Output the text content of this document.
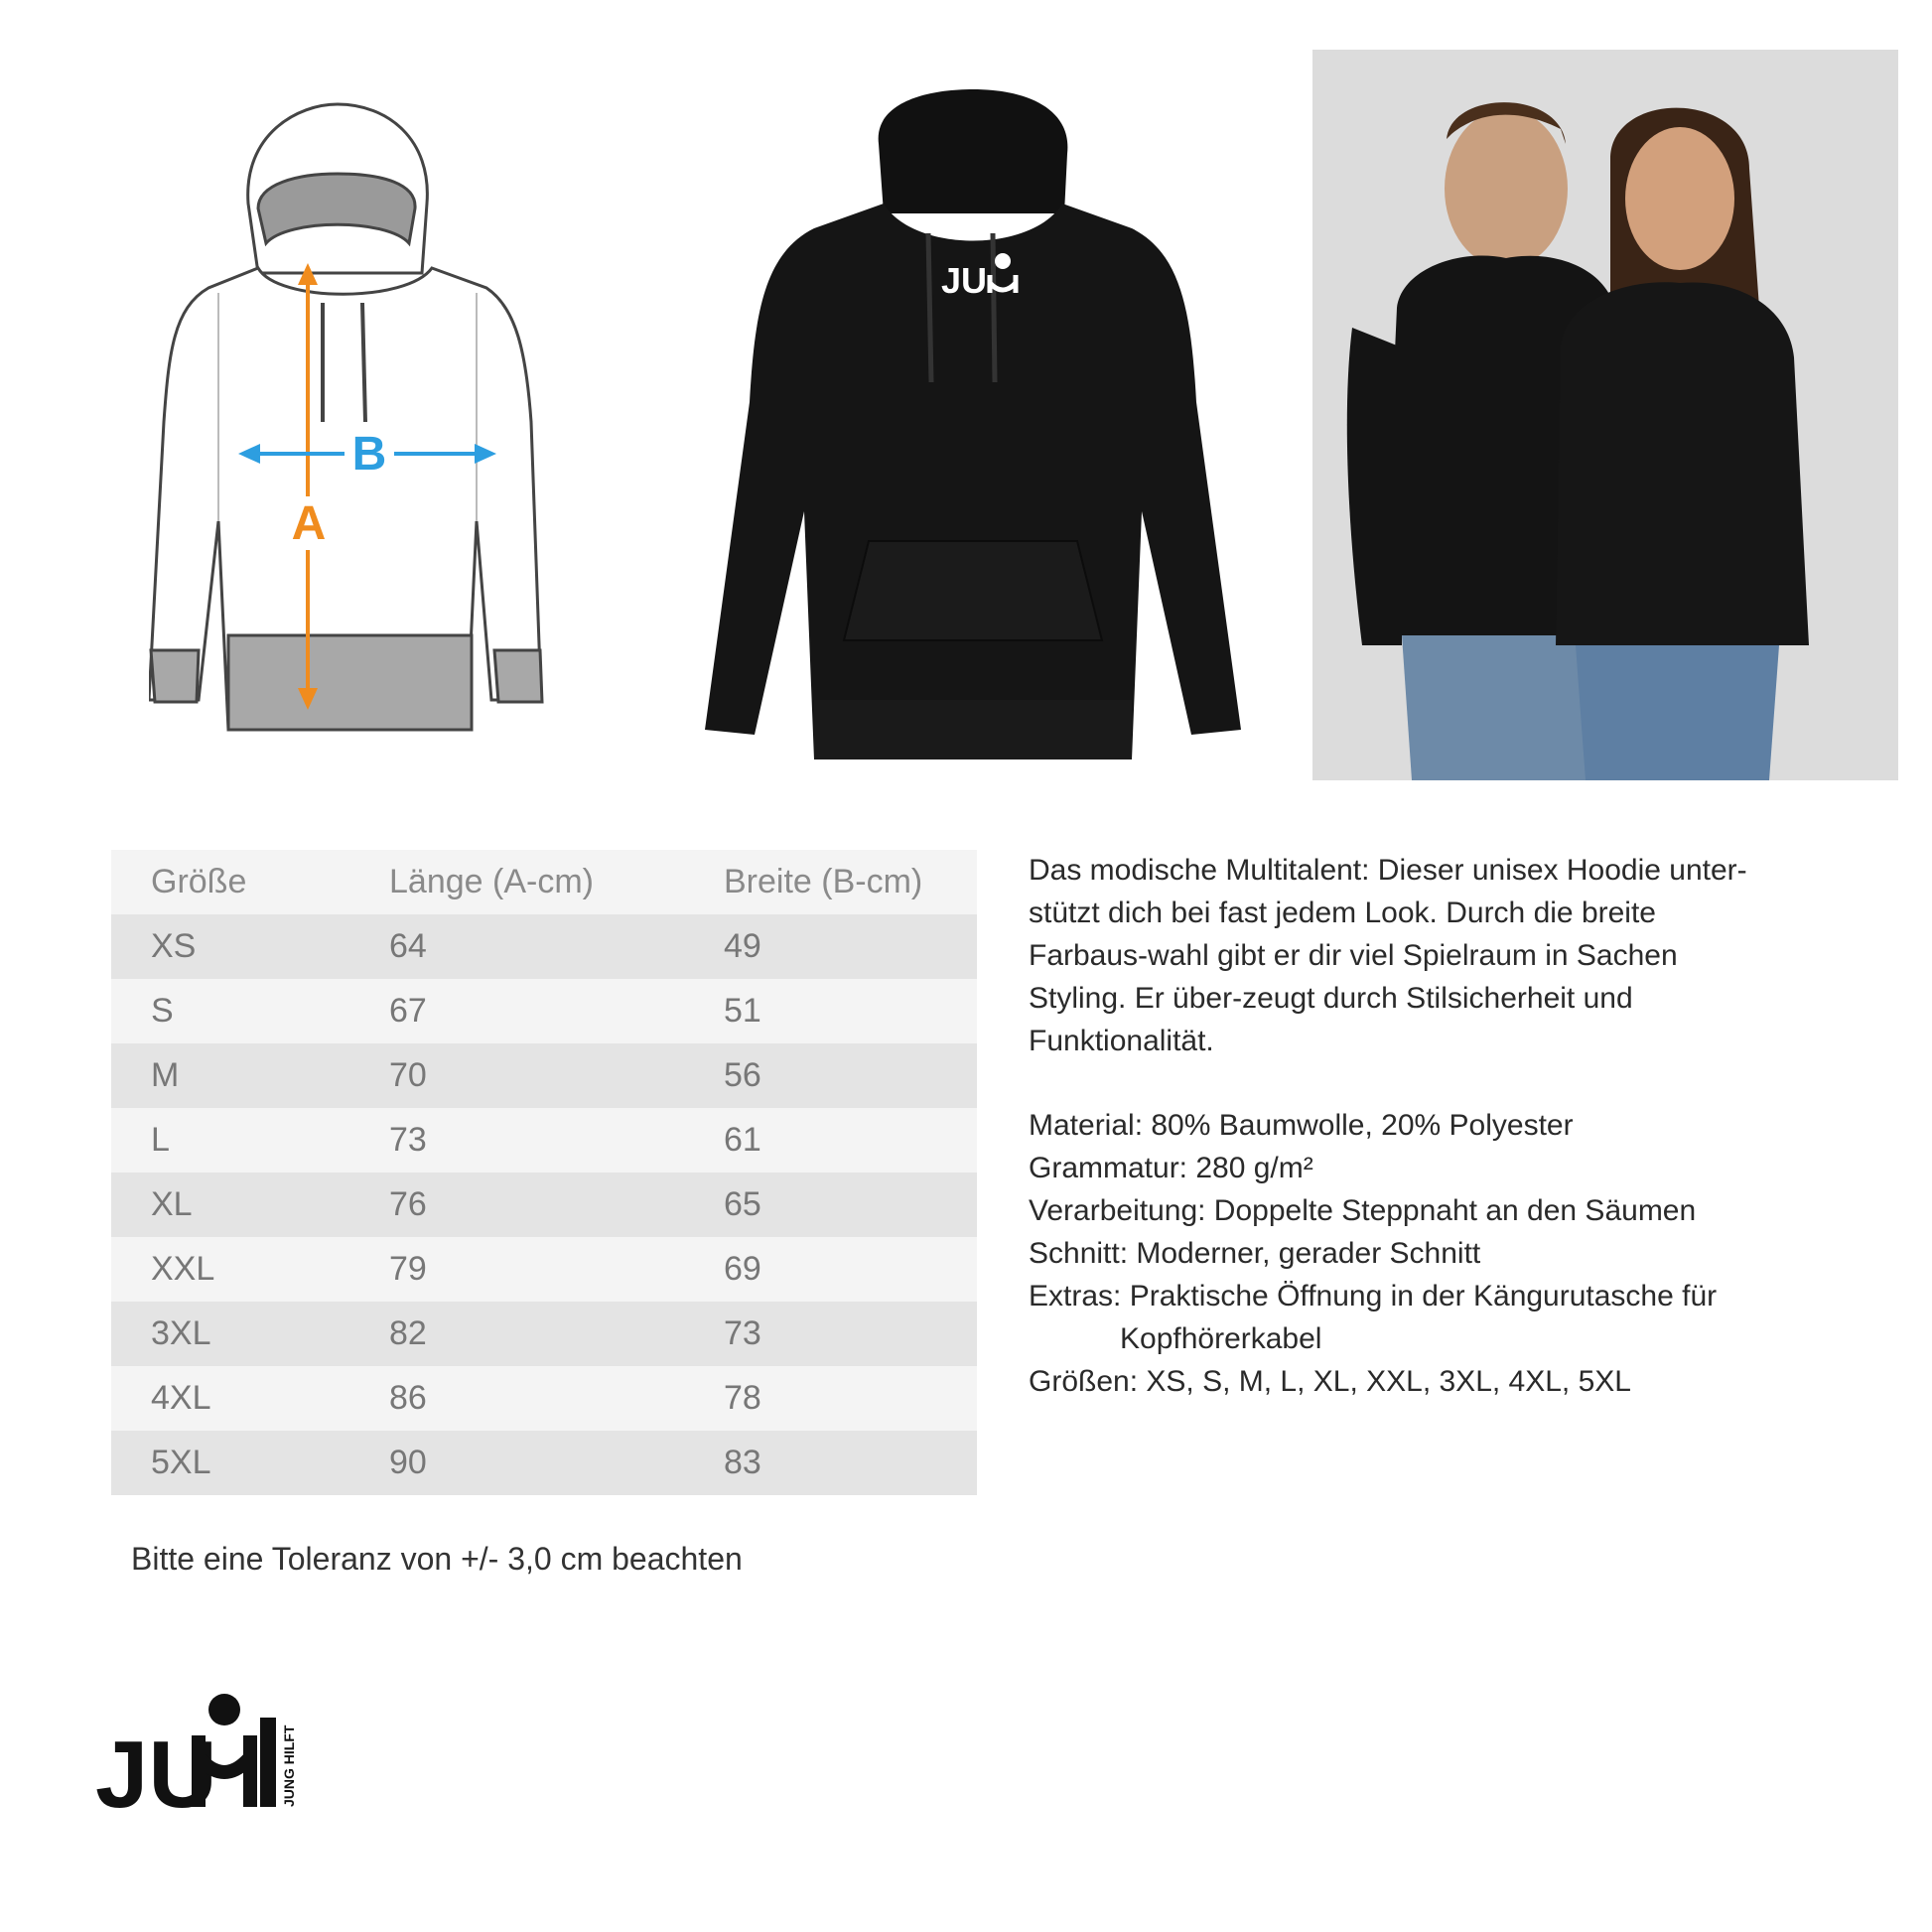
B
A
JU
Größe	Länge (A-cm)	Breite (B-cm)
XS	64	49
S	67	51
M	70	56
L	73	61
XL	76	65
XXL	79	69
3XL	82	73
4XL	86	78
5XL	90	83
Bitte eine Toleranz von +/- 3,0 cm beachten

Das modische Multitalent: Dieser unisex Hoodie unter-stützt dich bei fast jedem Look. Durch die breite Farbaus-wahl gibt er dir viel Spielraum in Sachen Styling. Er über-zeugt durch Stilsicherheit und Funktionalität.

Material: 80% Baumwolle, 20% Polyester

Grammatur: 280 g/m²

Verarbeitung: Doppelte Steppnaht an den Säumen

Schnitt: Moderner, gerader Schnitt

Extras: Praktische Öffnung in der Kängurutasche für

Kopfhörerkabel

Größen: XS, S, M, L, XL, XXL, 3XL, 4XL, 5XL

JU	JUNG HILFT
